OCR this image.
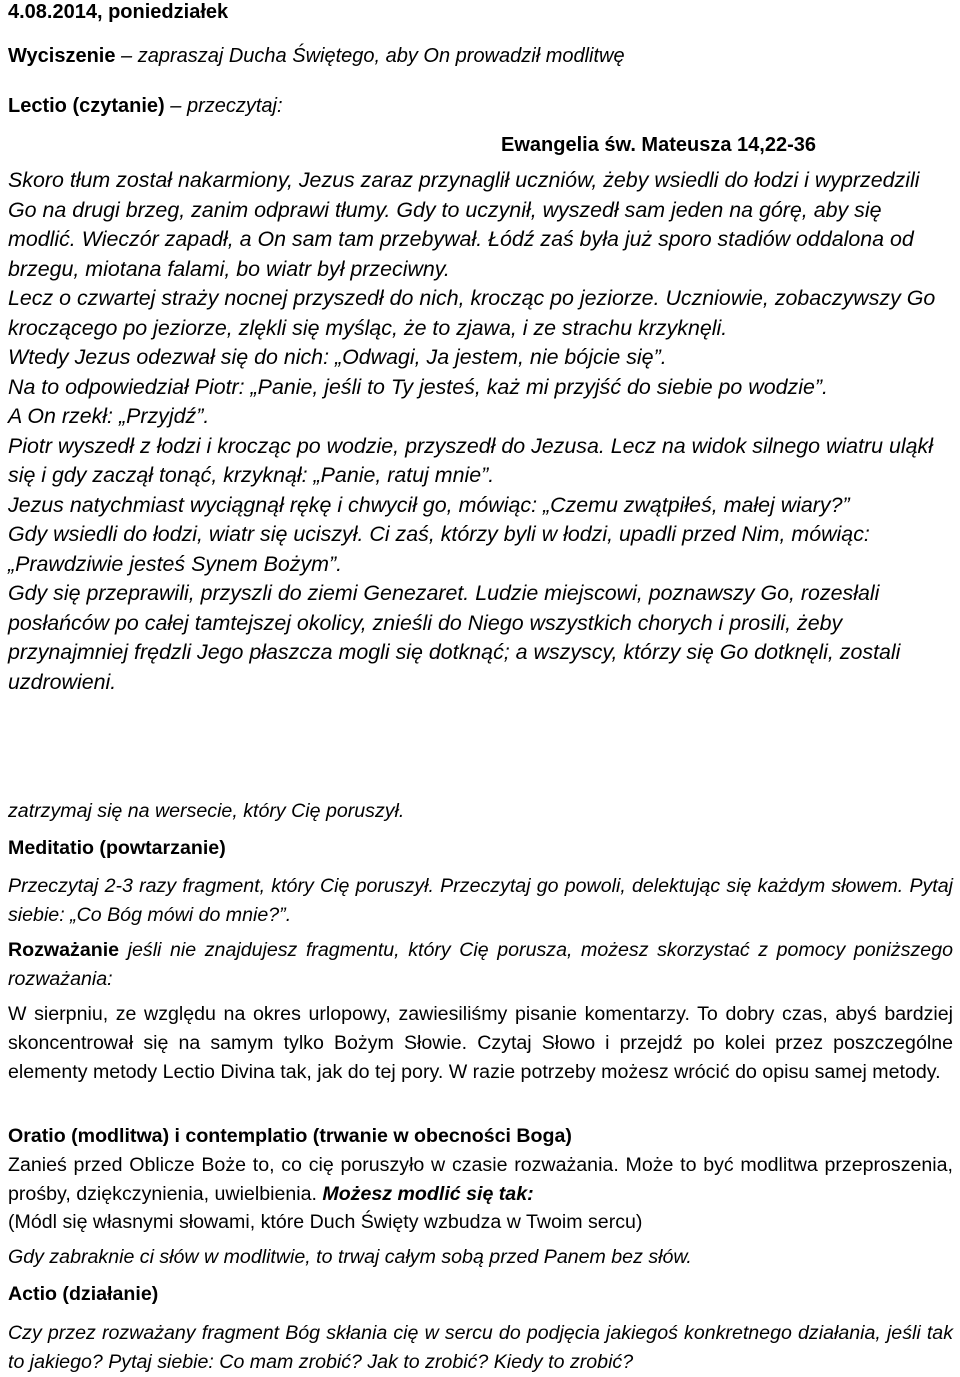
4.08.2014, poniedziałek

Wyciszenie – zapraszaj Ducha Świętego, aby On prowadził modlitwę

Lectio (czytanie) – przeczytaj:

Ewangelia św. Mateusza 14,22-36

Skoro tłum został nakarmiony, Jezus zaraz przynaglił uczniów, żeby wsiedli do łodzi i wyprzedzili Go na drugi brzeg, zanim odprawi tłumy. Gdy to uczynił, wyszedł sam jeden na górę, aby się modlić. Wieczór zapadł, a On sam tam przebywał. Łódź zaś była już sporo stadiów oddalona od brzegu, miotana falami, bo wiatr był przeciwny.

Lecz o czwartej straży nocnej przyszedł do nich, krocząc po jeziorze. Uczniowie, zobaczywszy Go kroczącego po jeziorze, zlękli się myśląc, że to zjawa, i ze strachu krzyknęli.

Wtedy Jezus odezwał się do nich: „Odwagi, Ja jestem, nie bójcie się”.

Na to odpowiedział Piotr: „Panie, jeśli to Ty jesteś, każ mi przyjść do siebie po wodzie”.

A On rzekł: „Przyjdź”.

Piotr wyszedł z łodzi i krocząc po wodzie, przyszedł do Jezusa. Lecz na widok silnego wiatru uląkł się i gdy zaczął tonąć, krzyknął: „Panie, ratuj mnie”.

Jezus natychmiast wyciągnął rękę i chwycił go, mówiąc: „Czemu zwątpiłeś, małej wiary?”

Gdy wsiedli do łodzi, wiatr się uciszył. Ci zaś, którzy byli w łodzi, upadli przed Nim, mówiąc: „Prawdziwie jesteś Synem Bożym”.

Gdy się przeprawili, przyszli do ziemi Genezaret. Ludzie miejscowi, poznawszy Go, rozesłali posłańców po całej tamtejszej okolicy, znieśli do Niego wszystkich chorych i prosili, żeby przynajmniej frędzli Jego płaszcza mogli się dotknąć; a wszyscy, którzy się Go dotknęli, zostali uzdrowieni.

zatrzymaj się na wersecie, który Cię poruszył.

Meditatio (powtarzanie)

Przeczytaj 2-3 razy fragment, który Cię poruszył. Przeczytaj go powoli, delektując się każdym słowem. Pytaj siebie: „Co Bóg mówi do mnie?”.

Rozważanie jeśli nie znajdujesz fragmentu, który Cię porusza, możesz skorzystać z pomocy poniższego rozważania:

W sierpniu, ze względu na okres urlopowy, zawiesiliśmy pisanie komentarzy. To dobry czas, abyś bardziej skoncentrował się na samym tylko Bożym Słowie. Czytaj Słowo i przejdź po kolei przez poszczególne elementy metody Lectio Divina tak, jak do tej pory. W razie potrzeby możesz wrócić do opisu samej metody.

Oratio (modlitwa) i contemplatio (trwanie w obecności Boga)

Zanieś przed Oblicze Boże to, co cię poruszyło w czasie rozważania. Może to być modlitwa przeproszenia, prośby, dziękczynienia, uwielbienia. Możesz modlić się tak:

(Módl się własnymi słowami, które Duch Święty wzbudza w Twoim sercu)

Gdy zabraknie ci słów w modlitwie, to trwaj całym sobą przed Panem bez słów.

Actio (działanie)

Czy przez rozważany fragment Bóg skłania cię w sercu do podjęcia jakiegoś konkretnego działania, jeśli tak to jakiego? Pytaj siebie: Co mam zrobić? Jak to zrobić? Kiedy to zrobić?
